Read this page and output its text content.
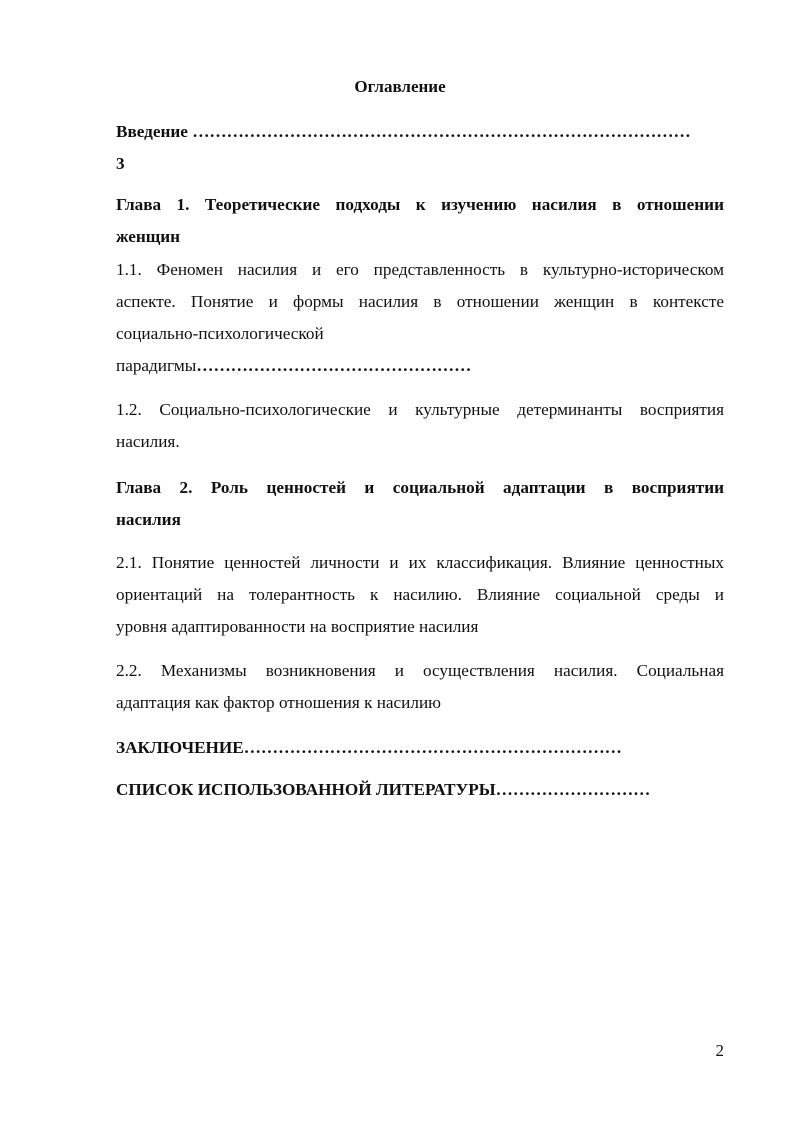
Оглавление
Введение ……………………………………………………………………………
3
Глава 1. Теоретические подходы к изучению насилия в отношении
женщин
1.1. Феномен насилия и его представленность в культурно-историческом
аспекте. Понятие и формы насилия в отношении женщин в контексте
социально-психологической
парадигмы…………………………………………
1.2. Социально-психологические и культурные детерминанты восприятия
насилия.
Глава 2. Роль ценностей и социальной адаптации в восприятии
насилия
2.1. Понятие ценностей личности и их классификация. Влияние ценностных
ориентаций на толерантность к насилию. Влияние социальной среды и
уровня адаптированности на восприятие насилия
2.2. Механизмы возникновения и осуществления насилия. Социальная
адаптация как фактор отношения к насилию
ЗАКЛЮЧЕНИЕ…………………………………………………………
СПИСОК ИСПОЛЬЗОВАННОЙ ЛИТЕРАТУРЫ………………………
2
